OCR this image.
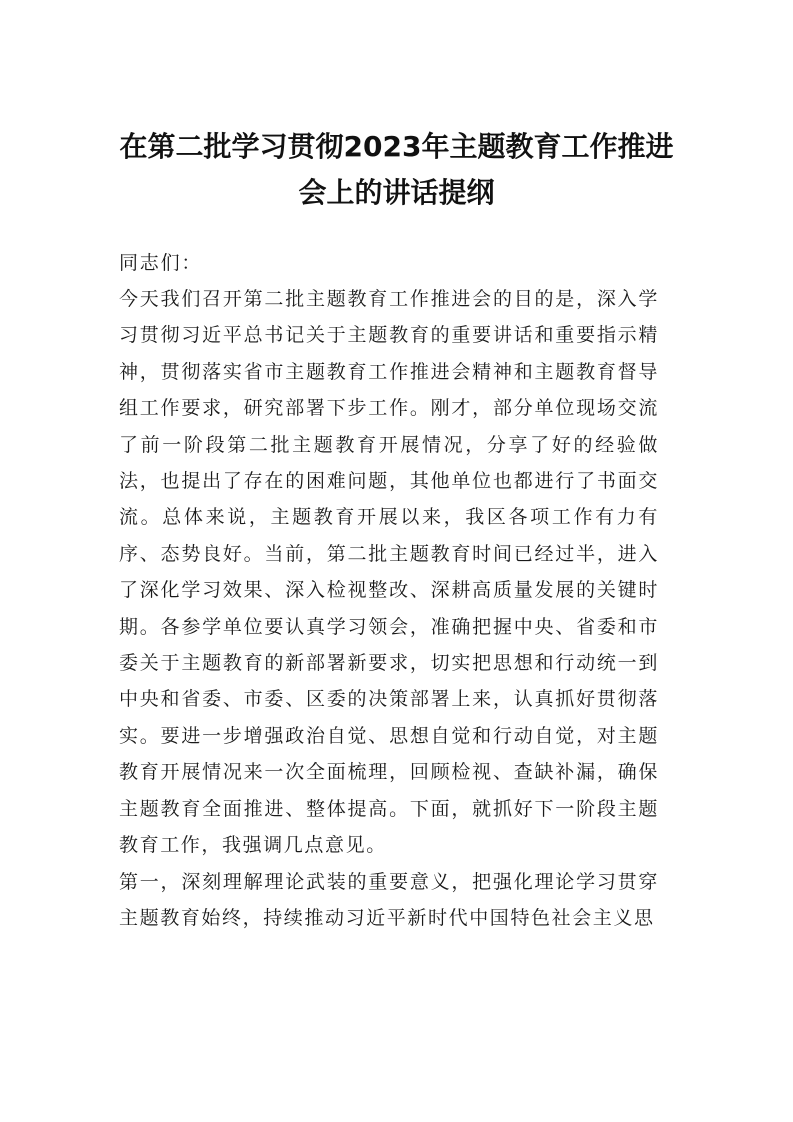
在第二批学习贯彻2023年主题教育工作推进会上的讲话提纲
同志们：

今天我们召开第二批主题教育工作推进会的目的是，深入学习贯彻习近平总书记关于主题教育的重要讲话和重要指示精神，贯彻落实省市主题教育工作推进会精神和主题教育督导组工作要求，研究部署下步工作。刚才，部分单位现场交流了前一阶段第二批主题教育开展情况，分享了好的经验做法，也提出了存在的困难问题，其他单位也都进行了书面交流。总体来说，主题教育开展以来，我区各项工作有力有序、态势良好。当前，第二批主题教育时间已经过半，进入了深化学习效果、深入检视整改、深耕高质量发展的关键时期。各参学单位要认真学习领会，准确把握中央、省委和市委关于主题教育的新部署新要求，切实把思想和行动统一到中央和省委、市委、区委的决策部署上来，认真抓好贯彻落实。要进一步增强政治自觉、思想自觉和行动自觉，对主题教育开展情况来一次全面梳理，回顾检视、查缺补漏，确保主题教育全面推进、整体提高。下面，就抓好下一阶段主题教育工作，我强调几点意见。

第一，深刻理解理论武装的重要意义，把强化理论学习贯穿主题教育始终，持续推动习近平新时代中国特色社会主义思
